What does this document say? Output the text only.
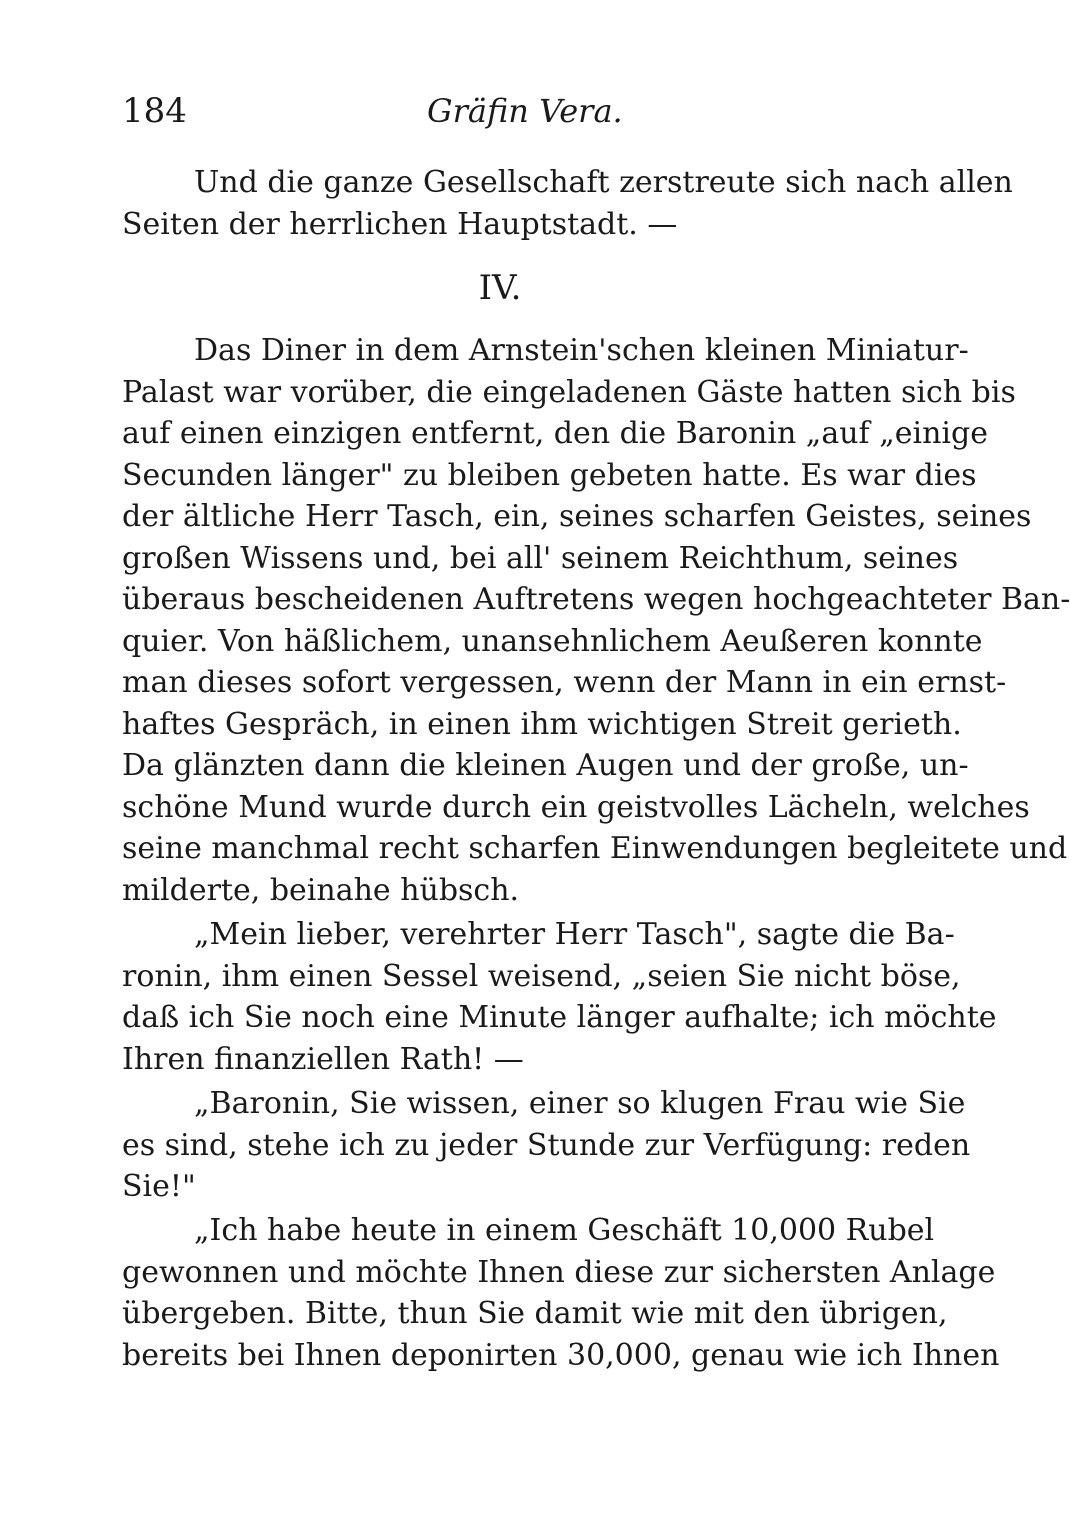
184	Gräfin Vera.
Und die ganze Gesellschaft zerstreute sich nach allen
Seiten der herrlichen Hauptstadt. —
IV.
Das Diner in dem Arnstein'schen kleinen Miniatur-
Palast war vorüber, die eingeladenen Gäste hatten sich bis
auf einen einzigen entfernt, den die Baronin „auf „einige
Secunden länger" zu bleiben gebeten hatte. Es war dies
der ältliche Herr Tasch, ein, seines scharfen Geistes, seines
großen Wissens und, bei all' seinem Reichthum, seines
überaus bescheidenen Auftretens wegen hochgeachteter Ban-
quier. Von häßlichem, unansehnlichem Aeußeren konnte
man dieses sofort vergessen, wenn der Mann in ein ernst-
haftes Gespräch, in einen ihm wichtigen Streit gerieth.
Da glänzten dann die kleinen Augen und der große, un-
schöne Mund wurde durch ein geistvolles Lächeln, welches
seine manchmal recht scharfen Einwendungen begleitete und
milderte, beinahe hübsch.
„Mein lieber, verehrter Herr Tasch", sagte die Ba-
ronin, ihm einen Sessel weisend, „seien Sie nicht böse,
daß ich Sie noch eine Minute länger aufhalte; ich möchte
Ihren finanziellen Rath! —
„Baronin, Sie wissen, einer so klugen Frau wie Sie
es sind, stehe ich zu jeder Stunde zur Verfügung: reden
Sie!"
„Ich habe heute in einem Geschäft 10,000 Rubel
gewonnen und möchte Ihnen diese zur sichersten Anlage
übergeben. Bitte, thun Sie damit wie mit den übrigen,
bereits bei Ihnen deponirten 30,000, genau wie ich Ihnen
